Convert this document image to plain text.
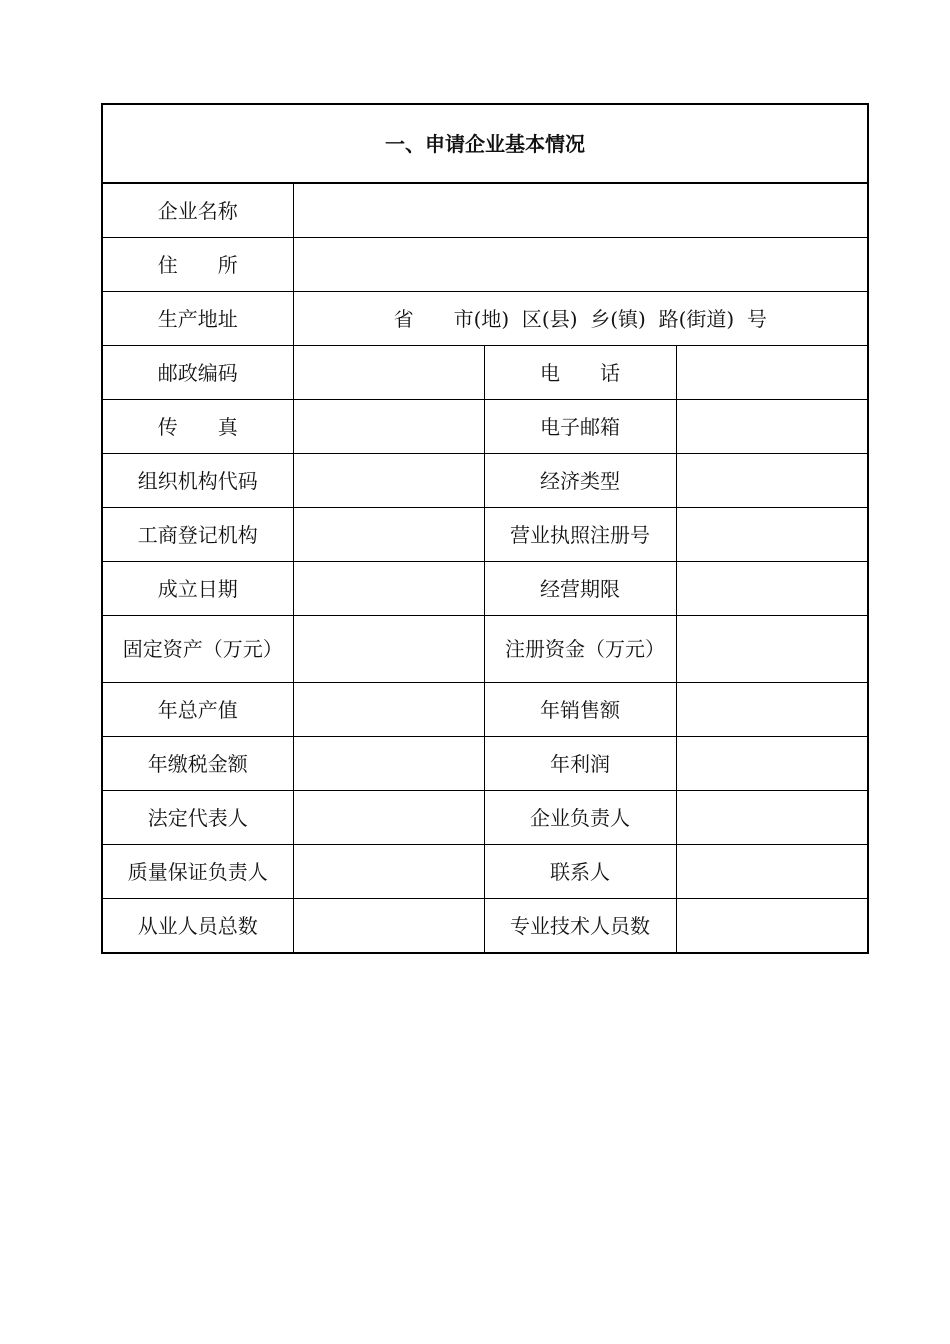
一、申请企业基本情况			
企业名称			
住　　所			
生产地址	省　　市(地)  区(县)  乡(镇)  路(街道)  号		
邮政编码		电　　话	
传　　真		电子邮箱	
组织机构代码		经济类型	
工商登记机构		营业执照注册号	
成立日期		经营期限	
固定资产（万元）		注册资金（万元）	
年总产值		年销售额	
年缴税金额		年利润	
法定代表人		企业负责人	
质量保证负责人		联系人	
从业人员总数		专业技术人员数	
